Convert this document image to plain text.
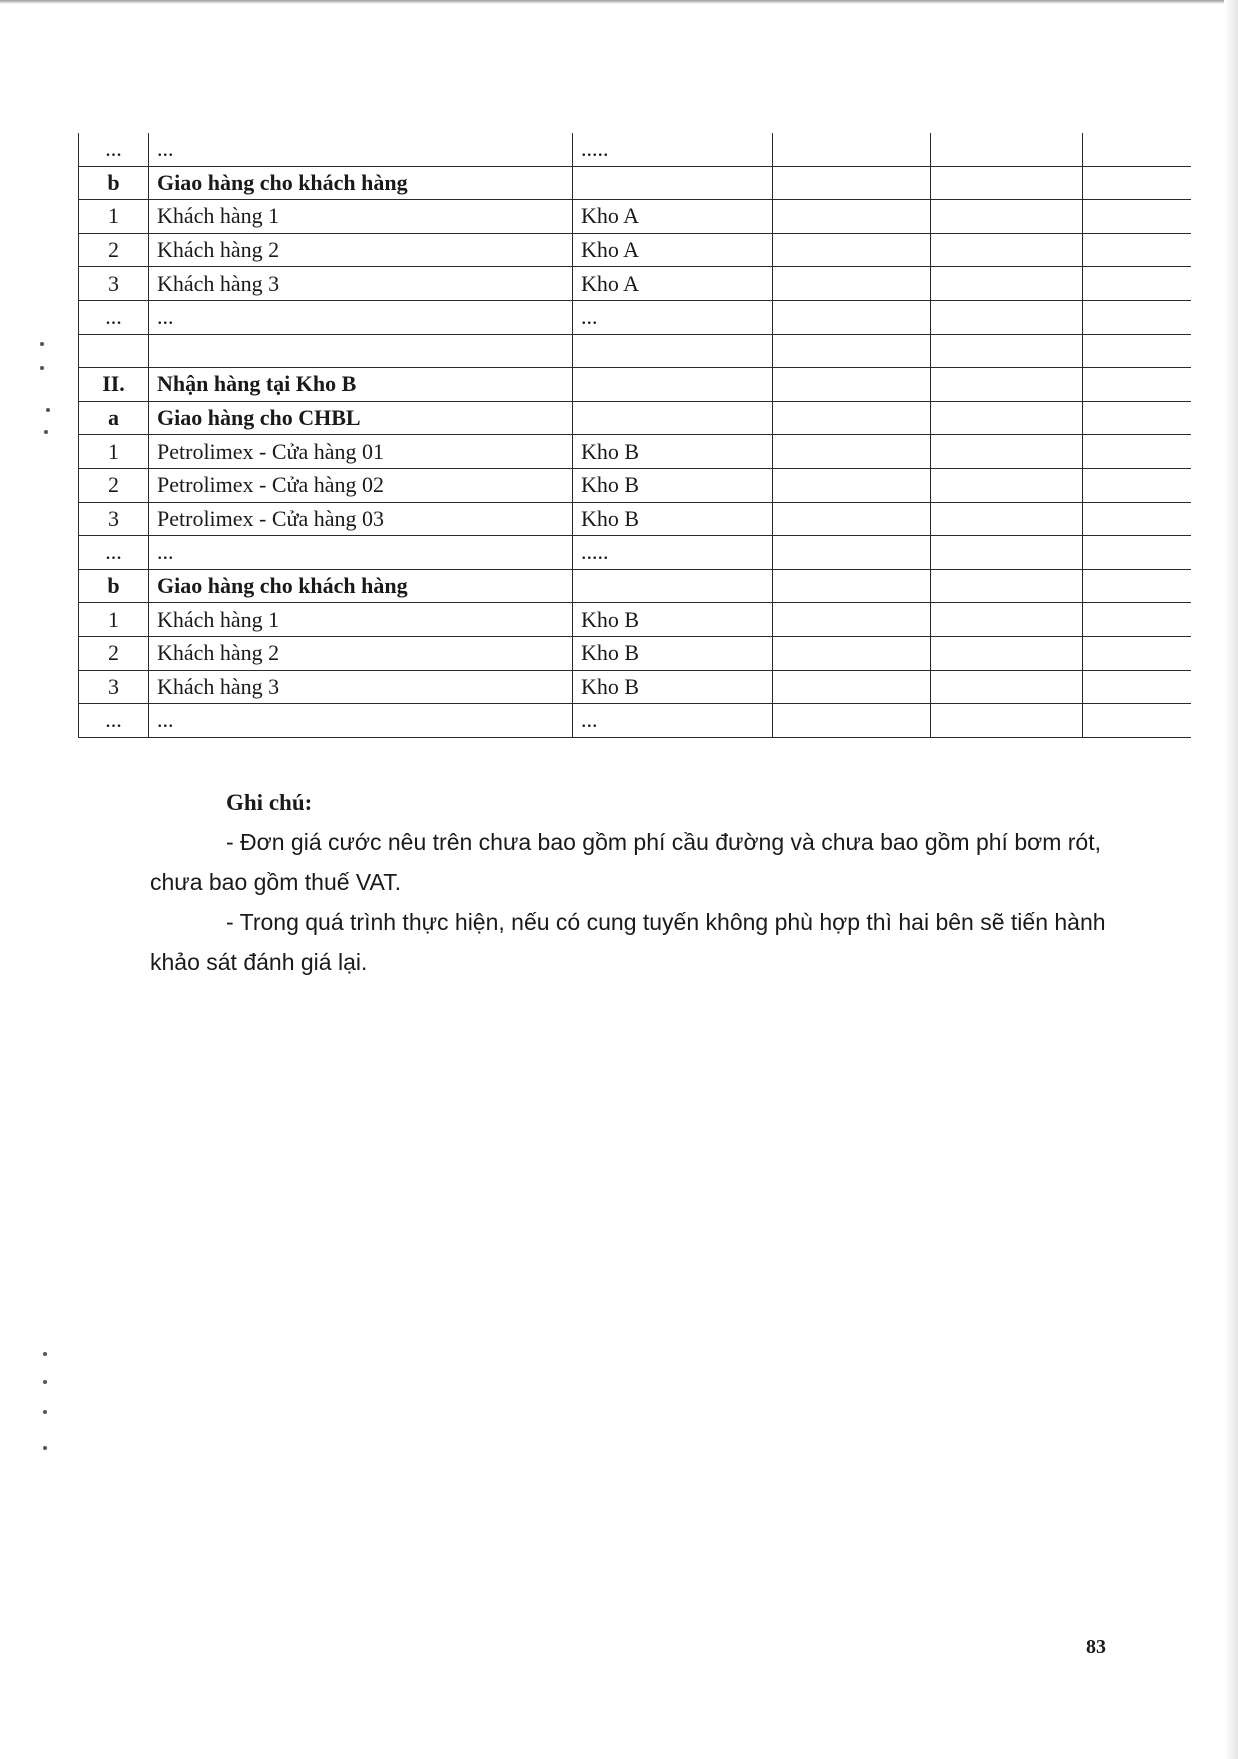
...	...	.....			
b	Giao hàng cho khách hàng				
1	Khách hàng 1	Kho A			
2	Khách hàng 2	Kho A			
3	Khách hàng 3	Kho A			
...	...	...			

II.	Nhận hàng tại Kho B				
a	Giao hàng cho CHBL				
1	Petrolimex - Cửa hàng 01	Kho B			
2	Petrolimex - Cửa hàng 02	Kho B			
3	Petrolimex - Cửa hàng 03	Kho B			
...	...	.....			
b	Giao hàng cho khách hàng				
1	Khách hàng 1	Kho B			
2	Khách hàng 2	Kho B			
3	Khách hàng 3	Kho B			
...	...	...			
Ghi chú:
- Đơn giá cước nêu trên chưa bao gồm phí cầu đường và chưa bao gồm phí bơm rót, chưa bao gồm thuế VAT.
- Trong quá trình thực hiện, nếu có cung tuyến không phù hợp thì hai bên sẽ tiến hành khảo sát đánh giá lại.
83
